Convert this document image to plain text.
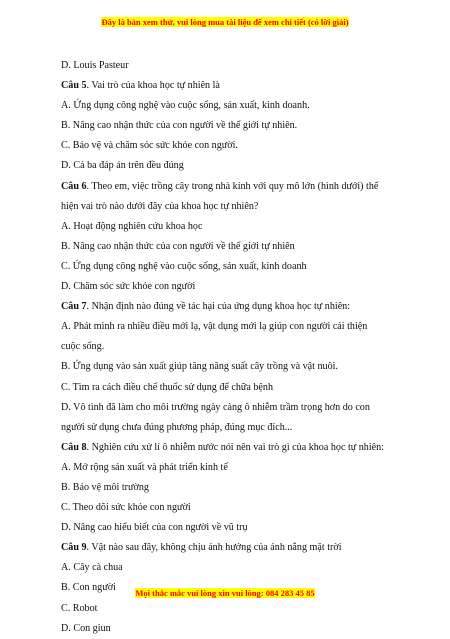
Đây là bản xem thử, vui lòng mua tài liệu để xem chi tiết (có lời giải)
D. Louis Pasteur
Câu 5. Vai trò của khoa học tự nhiên là
A. Ứng dụng công nghệ vào cuộc sống, sản xuất, kinh doanh.
B. Nâng cao nhận thức của con người về thế giới tự nhiên.
C. Bảo vệ và chăm sóc sức khỏe con người.
D. Cả ba đáp án trên đều đúng
Câu 6. Theo em, việc trồng cây trong nhà kính với quy mô lớn (hình dưới) thể
hiện vai trò nào dưới đây của khoa học tự nhiên?
A. Hoạt động nghiên cứu khoa học
B. Nâng cao nhận thức của con người về thế giới tự nhiên
C. Ứng dụng công nghệ vào cuộc sống, sản xuất, kinh doanh
D. Chăm sóc sức khỏe con người
Câu 7. Nhận định nào đúng về tác hại của ứng dụng khoa học tự nhiên:
A. Phát minh ra nhiều điều mới lạ, vật dụng mới lạ giúp con người cải thiện
cuộc sống.
B. Ứng dụng vào sản xuất giúp tăng năng suất cây trồng và vật nuôi.
C. Tìm ra cách điều chế thuốc sử dụng để chữa bệnh
D. Vô tình đã làm cho môi trường ngày càng ô nhiễm trầm trọng hơn do con
người sử dụng chưa đúng phương pháp, đúng mục đích...
Câu 8. Nghiên cứu xử lí ô nhiễm nước nói nên vai trò gì của khoa học tự nhiên:
A. Mở rộng sản xuất và phát triển kinh tế
B. Bảo vệ môi trường
C. Theo dõi sức khỏe con người
D. Nâng cao hiểu biết của con người về vũ trụ
Câu 9. Vật nào sau đây, không chịu ảnh hưởng của ánh nắng mặt trời
A. Cây cà chua
B. Con người
C. Robot
D. Con giun
Mọi thắc mắc vui lòng xin vui lòng: 084 283 45 85
